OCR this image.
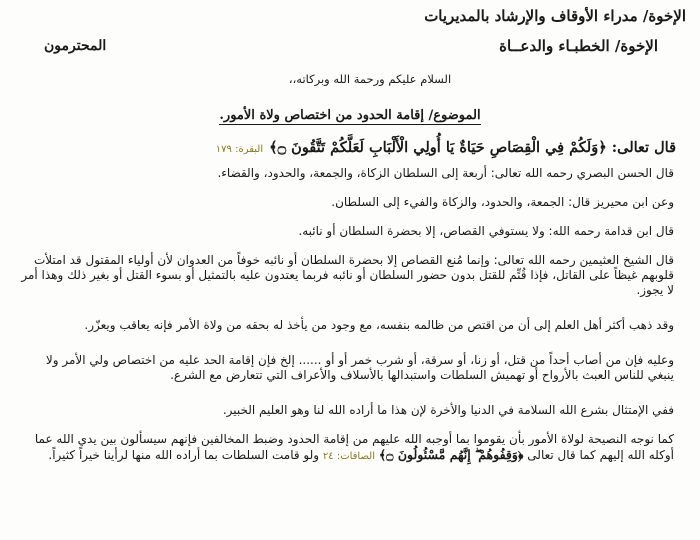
الإخوة/ مدراء الأوقاف والإرشاد بالمديريات

الإخوة/ الخطبـاء والدعــاة

المحترمون

السلام عليكم ورحمة الله وبركاته،،

الموضوع/ إقامة الحدود من اختصاص ولاة الأمور.

قال تعالى: ﴿وَلَكُمْ فِي الْقِصَاصِ حَيَاةٌ يَا أُولِي الْأَلْبَابِ لَعَلَّكُمْ تَتَّقُونَ ۝﴾
البقرة: ١٧٩

قال الحسن البصري رحمه الله تعالى: أربعة إلى السلطان الزكاة، والجمعة، والحدود، والقضاء.

وعن ابن محيريز قال: الجمعة، والحدود، والزكاة والفيء إلى السلطان.

قال ابن قدامة رحمه الله: ولا يستوفي القصاص، إلا بحضرة السلطان أو نائبه.

قال الشيخ العثيمين رحمه الله تعالى: وإنما مُنع القصاص إلا بحضرة السلطان أو نائبه خوفاً من العدوان لأن أولياء المقتول قد امتلأت قلوبهم غيظاً على القاتل، فإذا قُتِّم للقتل بدون حضور السلطان أو نائبه فربما يعتدون عليه بالتمثيل أو بسوء القتل أو بغير ذلك وهذا أمر لا يجوز.

وقد ذهب أكثر أهل العلم إلى أن من اقتص من ظالمه بنفسه، مع وجود من يأخذ له بحقه من ولاة الأمر فإنه يعاقب ويعزّر.

وعليه فإن من أصاب أحداً من قتل، أو زنا، أو سرقة، أو شرب خمر أو أو ...... إلخ فإن إقامة الحد عليه من اختصاص ولي الأمر ولا ينبغي للناس العبث بالأرواح أو تهميش السلطات واستبدالها بالأسلاف والأعراف التي تتعارض مع الشرع.

ففي الإمتثال بشرع الله السلامة في الدنيا والأخرة لإن هذا ما أراده الله لنا وهو العليم الخبير.

كما نوجه النصيحة لولاة الأمور بأن يقوموا بما أوجبه الله عليهم من إقامة الحدود وضبط المخالفين فإنهم سيسألون بين يدي الله عما أوكله الله إليهم كما قال تعالى ﴿وَقِفُوهُمْ ۖ إِنَّهُم مَّسْئُولُونَ ۝﴾ الصافات: ٢٤ ولو قامت السلطات بما أراده الله منها لرأينا خيراً كثيراً.
